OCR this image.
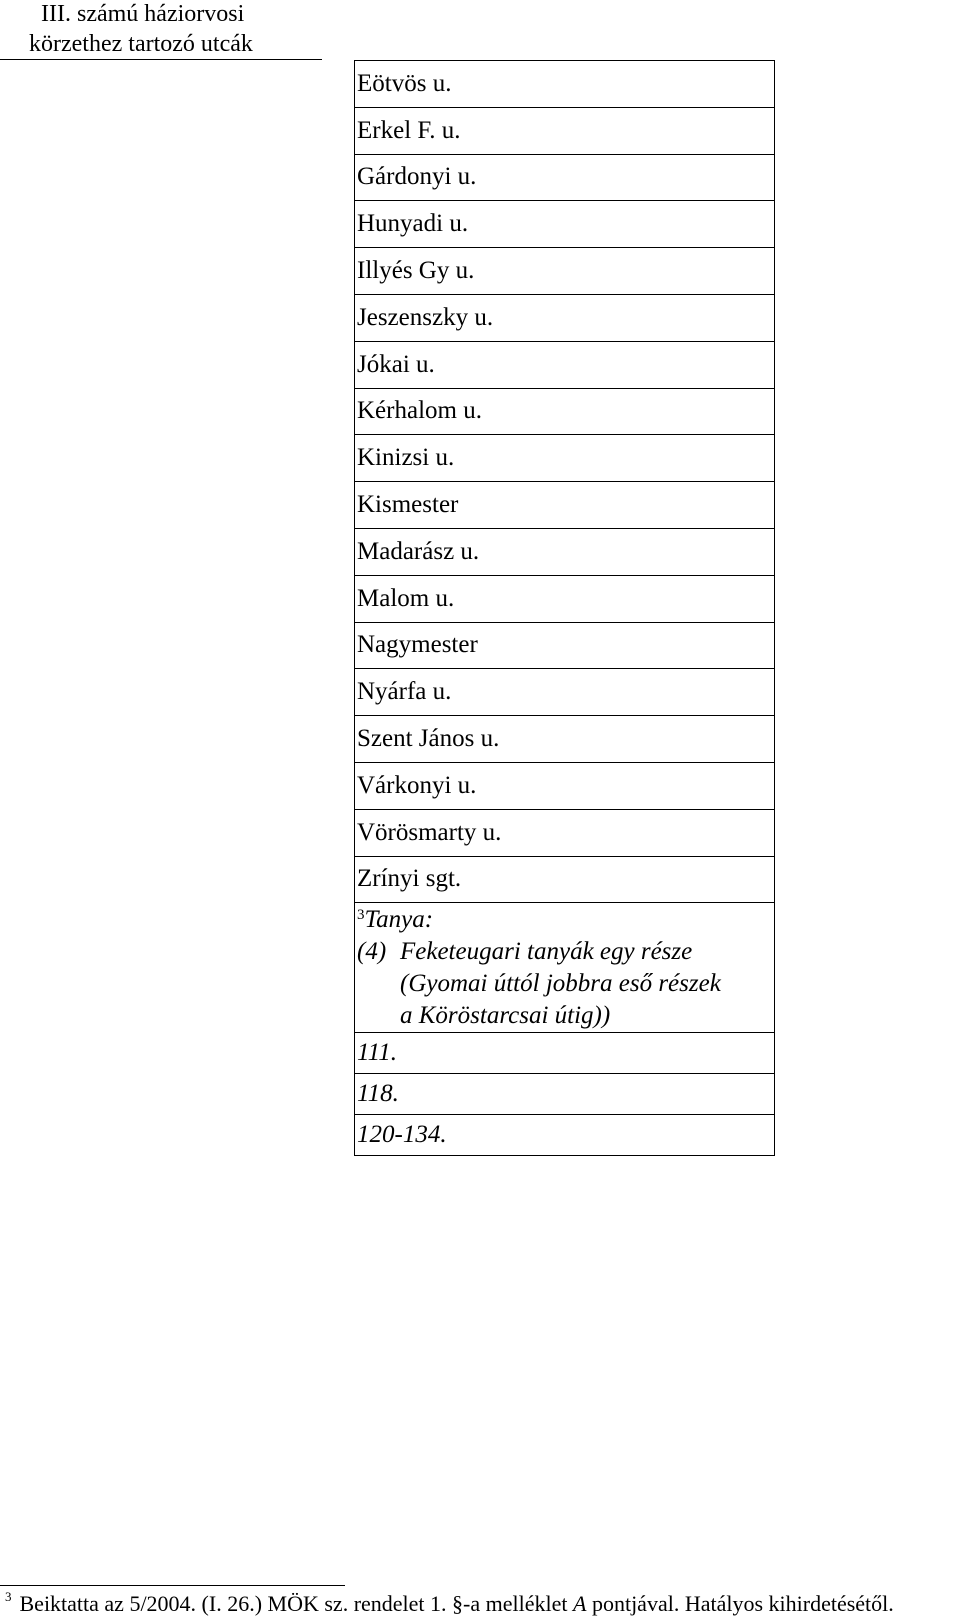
III. számú háziorvosi
körzethez tartozó utcák
Eötvös u.
Erkel F. u.
Gárdonyi u.
Hunyadi u.
Illyés Gy u.
Jeszenszky u.
Jókai u.
Kérhalom u.
Kinizsi u.
Kismester
Madarász u.
Malom u.
Nagymester
Nyárfa u.
Szent János u.
Várkonyi u.
Vörösmarty u.
Zrínyi sgt.

$^3$Tanya:
(4) Feketeugari tanyák egy része
(Gyomai úttól jobbra eső részek
a Köröstarcsai útig))

111.
118.
120-134.
$^3$ Beiktatta az 5/2004. (I. 26.) MÖK sz. rendelet 1. §-a melléklet A pontjával. Hatályos kihirdetésétől.
